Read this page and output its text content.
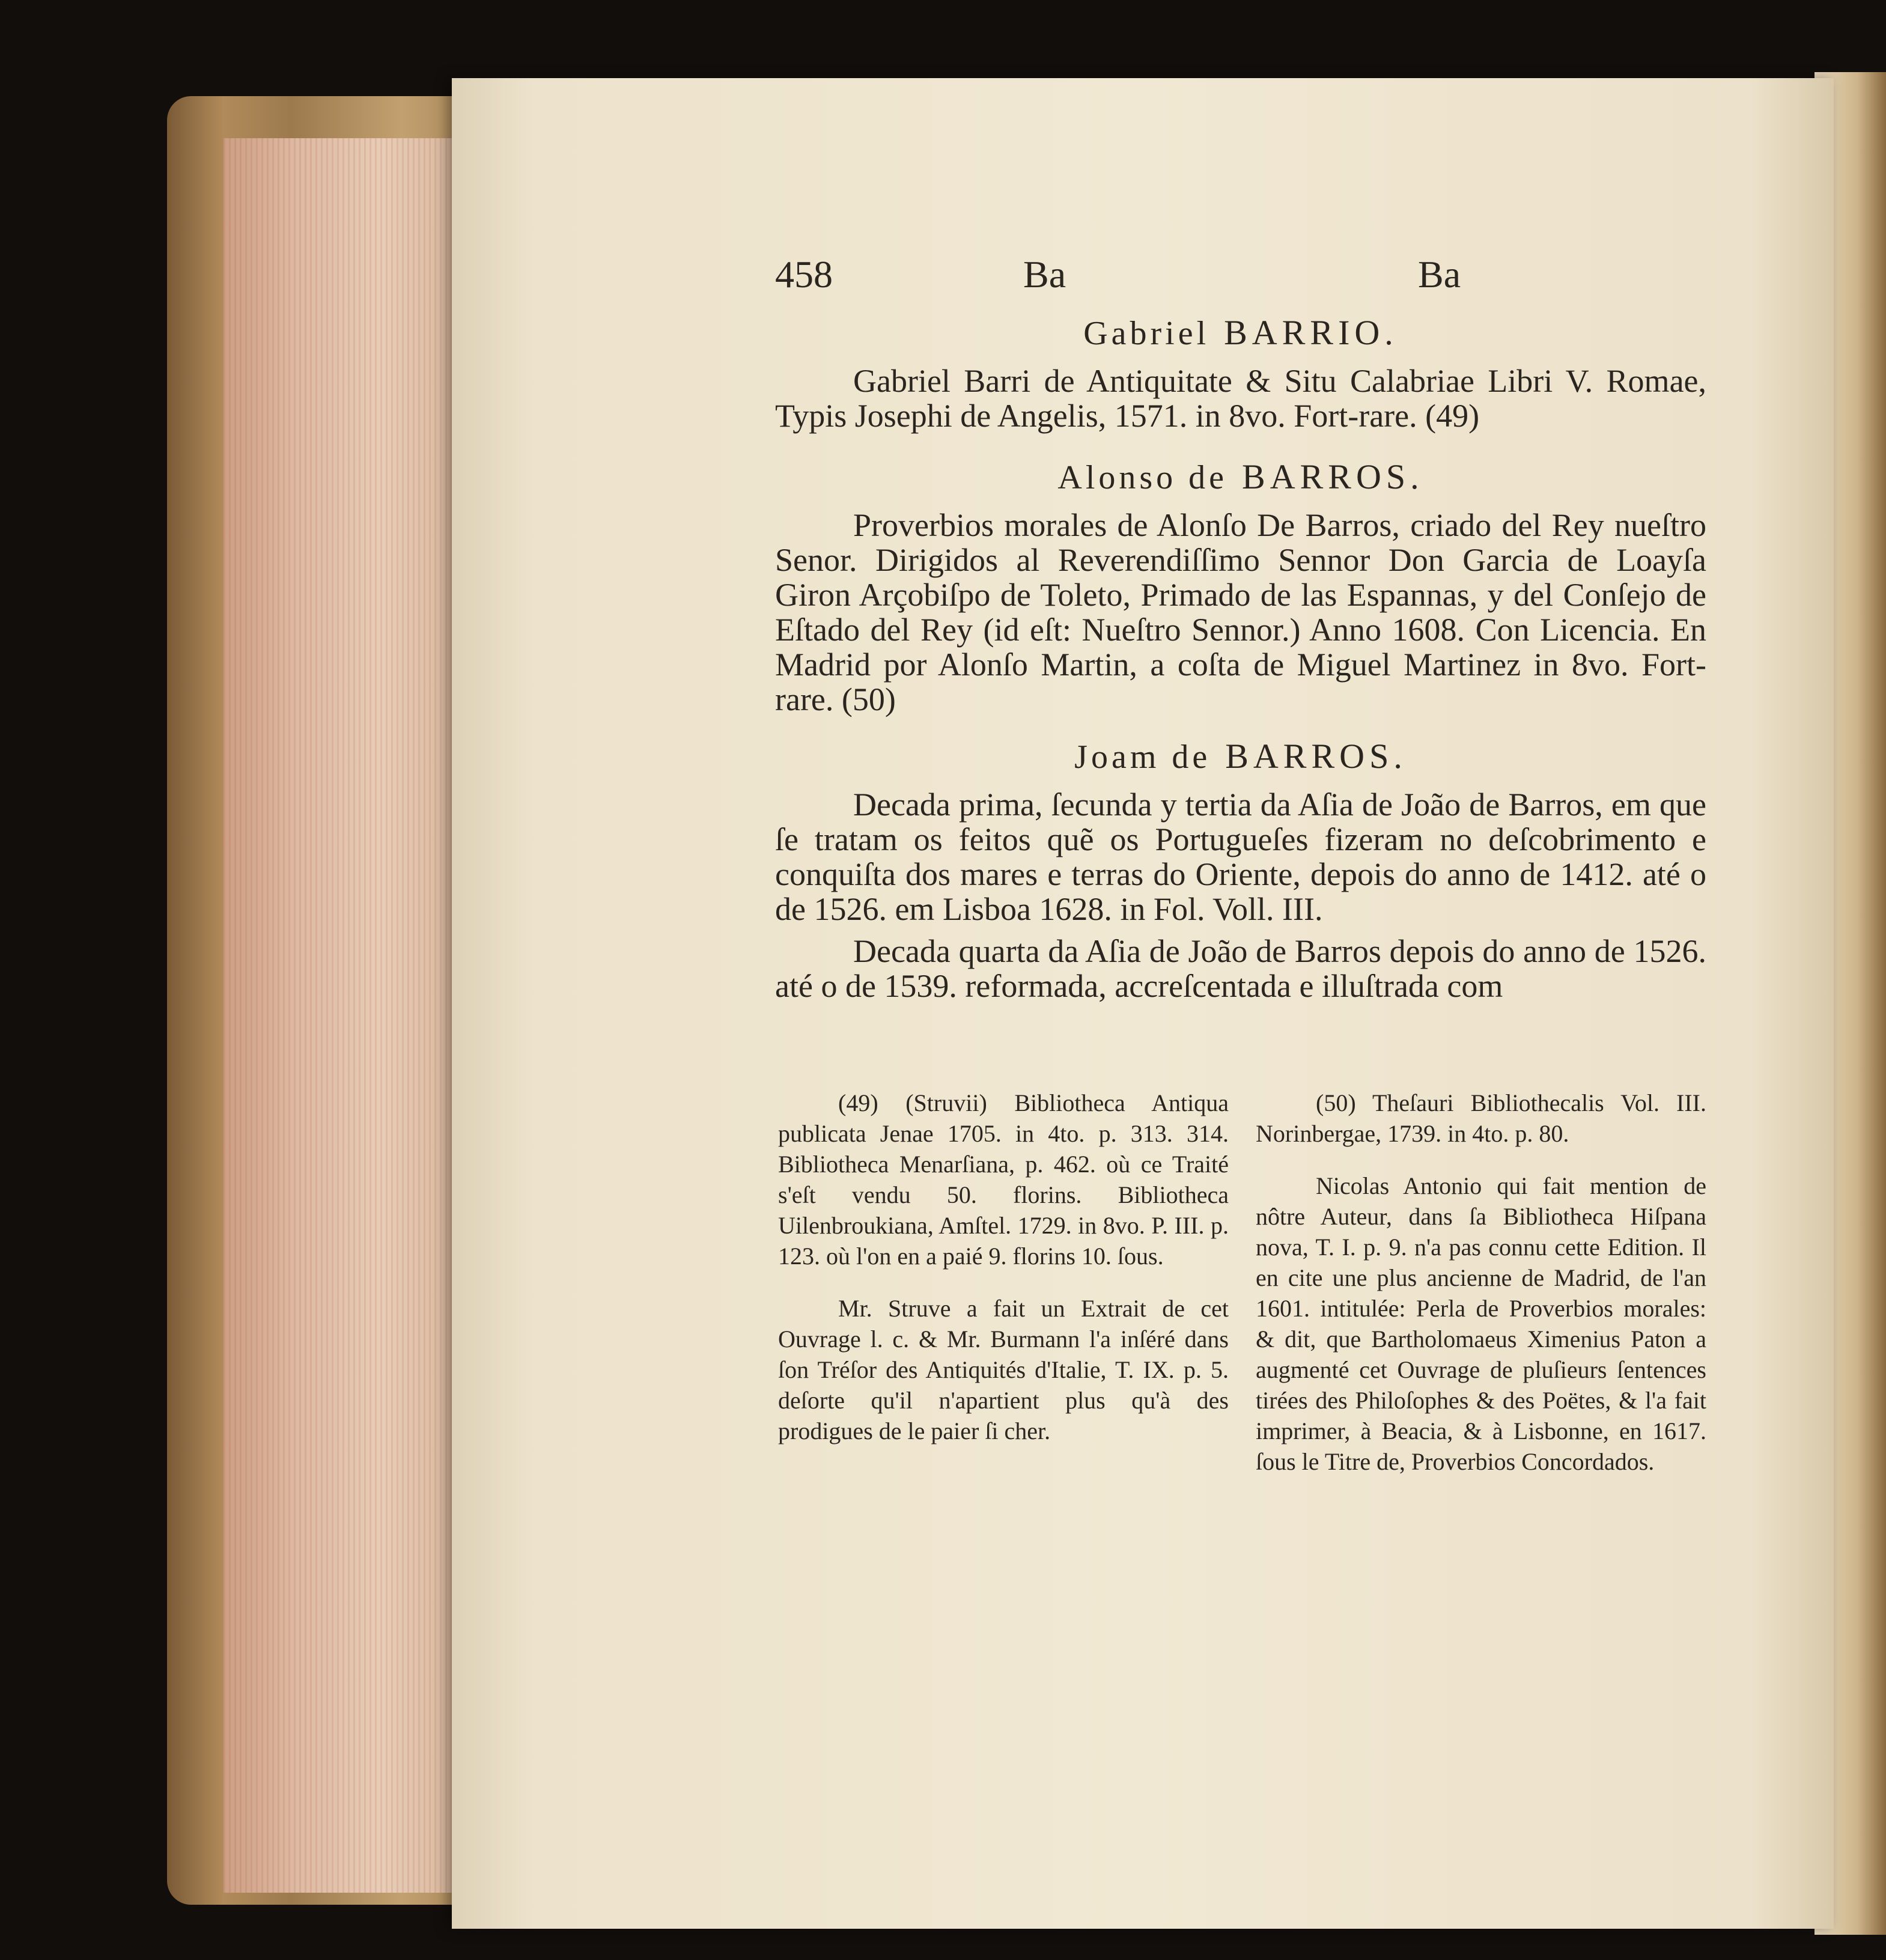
458	Ba	Ba
Gabriel BARRIO.

Gabriel Barri de Antiquitate & Situ Calabriae Libri V. Romae, Typis Josephi de Angelis, 1571. in 8vo. Fort-rare. (49)

Alonso de BARROS.

Proverbios morales de Alonſo De Barros, criado del Rey nueſtro Senor. Dirigidos al Reverendiſſimo Sennor Don Garcia de Loayſa Giron Arçobiſpo de Toleto, Primado de las Espannas, y del Conſejo de Eſtado del Rey (id eſt: Nueſtro Sennor.) Anno 1608. Con Licencia. En Madrid por Alonſo Martin, a coſta de Miguel Martinez in 8vo. Fort-rare. (50)

Joam de BARROS.

Decada prima, ſecunda y tertia da Aſia de João de Barros, em que ſe tratam os feitos quẽ os Portugueſes fizeram no deſcobrimento e conquiſta dos mares e terras do Oriente, depois do anno de 1412. até o de 1526. em Lisboa 1628. in Fol. Voll. III.

Decada quarta da Aſia de João de Barros depois do anno de 1526. até o de 1539. reformada, accreſcentada e illuſtrada com

(49) (Struvii) Bibliotheca Antiqua publicata Jenae 1705. in 4to. p. 313. 314. Bibliotheca Menarſiana, p. 462. où ce Traité s'eſt vendu 50. florins. Bibliotheca Uilenbroukiana, Amſtel. 1729. in 8vo. P. III. p. 123. où l'on en a paié 9. florins 10. ſous.

Mr. Struve a fait un Extrait de cet Ouvrage l. c. & Mr. Burmann l'a inſéré dans ſon Tréſor des Antiquités d'Italie, T. IX. p. 5. deſorte qu'il n'apartient plus qu'à des prodigues de le paier ſi cher.

(50) Theſauri Bibliothecalis Vol. III. Norinbergae, 1739. in 4to. p. 80.

Nicolas Antonio qui fait mention de nôtre Auteur, dans ſa Bibliotheca Hiſpana nova, T. I. p. 9. n'a pas connu cette Edition. Il en cite une plus ancienne de Madrid, de l'an 1601. intitulée: Perla de Proverbios morales: & dit, que Bartholomaeus Ximenius Paton a augmenté cet Ouvrage de pluſieurs ſentences tirées des Philoſophes & des Poëtes, & l'a fait imprimer, à Beacia, & à Lisbonne, en 1617. ſous le Titre de, Proverbios Concordados.
